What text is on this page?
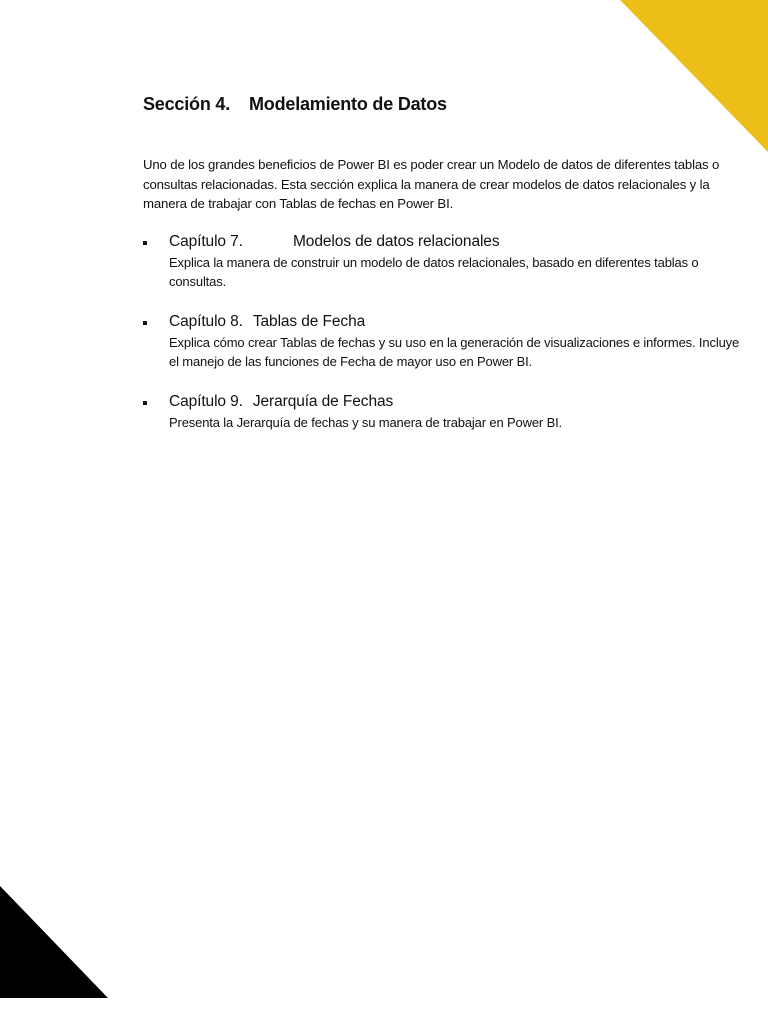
Sección 4. Modelamiento de Datos

Uno de los grandes beneficios de Power BI es poder crear un Modelo de datos de diferentes tablas o consultas relacionadas. Esta sección explica la manera de crear modelos de datos relacionales y la manera de trabajar con Tablas de fechas en Power BI.

Capítulo 7.	Modelos de datos relacionales
Explica la manera de construir un modelo de datos relacionales, basado en diferentes tablas o consultas.
Capítulo 8. Tablas de Fecha
Explica cómo crear Tablas de fechas y su uso en la generación de visualizaciones e informes. Incluye el manejo de las funciones de Fecha de mayor uso en Power BI.
Capítulo 9. Jerarquía de Fechas
Presenta la Jerarquía de fechas y su manera de trabajar en Power BI.
